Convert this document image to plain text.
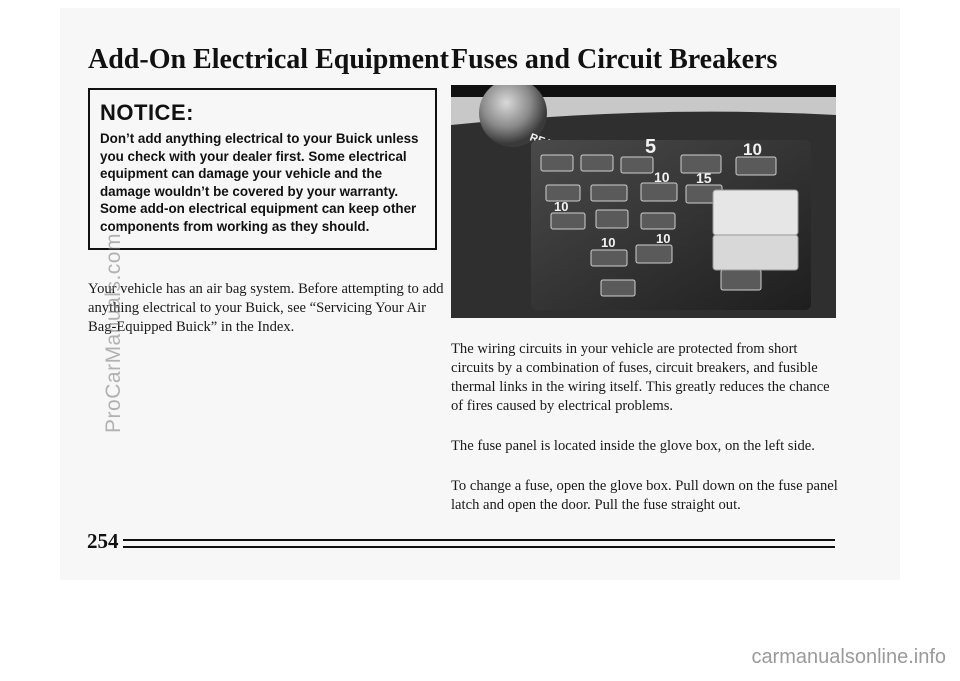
Add-On Electrical Equipment Fuses and Circuit Breakers
NOTICE:

Don’t add anything electrical to your Buick unless you check with your dealer first. Some electrical equipment can damage your vehicle and the damage wouldn’t be covered by your warranty. Some add-on electrical equipment can keep other components from working as they should.

Your vehicle has an air bag system. Before attempting to add anything electrical to your Buick, see “Servicing Your Air Bag-Equipped Buick” in the Index.

5	10
10 15
10
10
10

The wiring circuits in your vehicle are protected from short circuits by a combination of fuses, circuit breakers, and fusible thermal links in the wiring itself. This greatly reduces the chance of fires caused by electrical problems.

The fuse panel is located inside the glove box, on the left side.

To change a fuse, open the glove box. Pull down on the fuse panel latch and open the door. Pull the fuse straight out.

254
ProCarManuals.com
carmanualsonline.info
